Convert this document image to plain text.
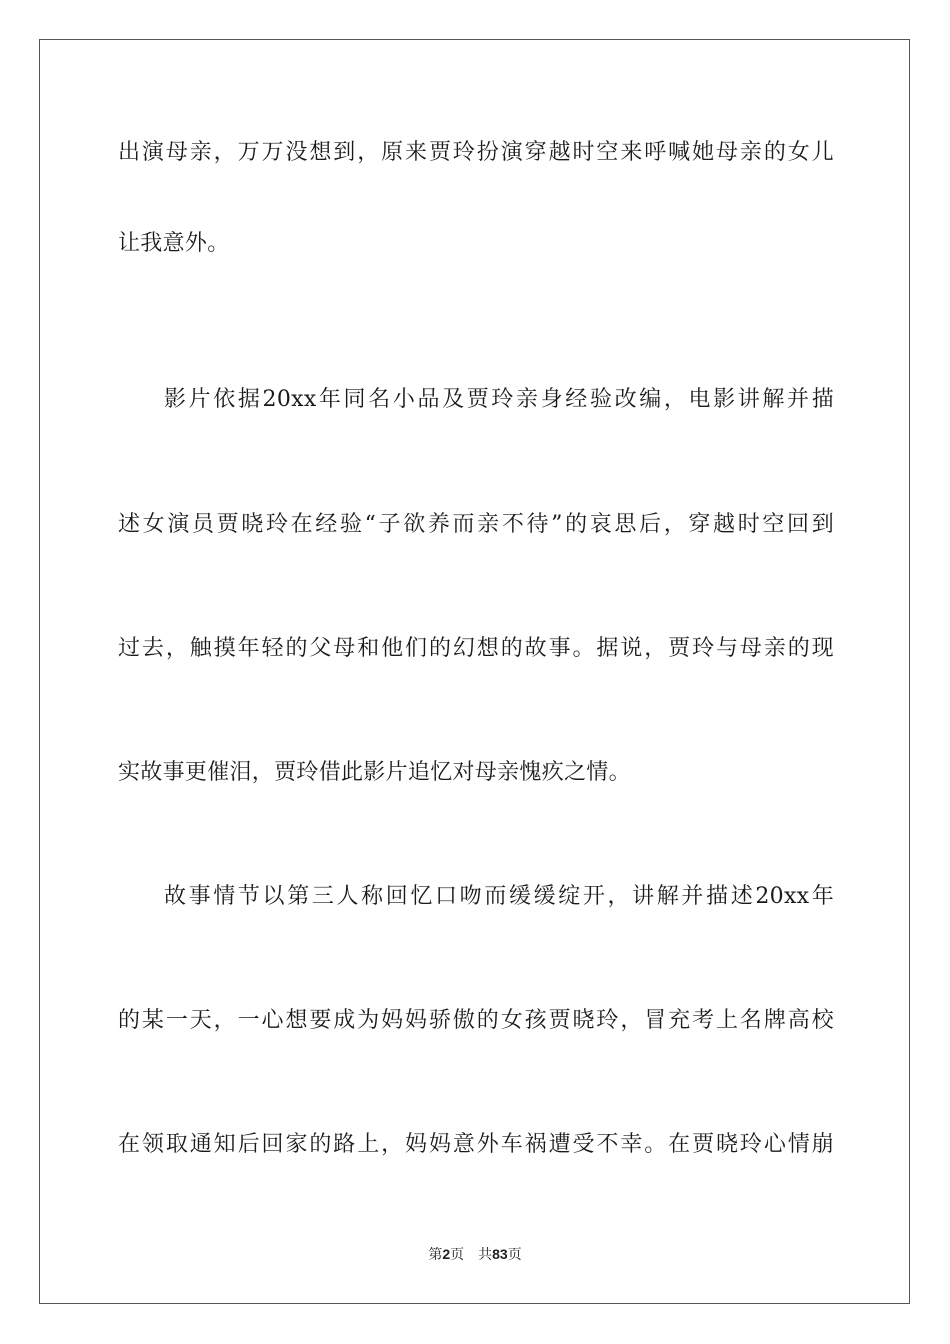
出演母亲，万万没想到，原来贾玲扮演穿越时空来呼喊她母亲的女儿
让我意外。
影片依据20xx年同名小品及贾玲亲身经验改编，电影讲解并描
述女演员贾晓玲在经验“子欲养而亲不待”的哀思后，穿越时空回到
过去，触摸年轻的父母和他们的幻想的故事。据说，贾玲与母亲的现
实故事更催泪，贾玲借此影片追忆对母亲愧疚之情。
故事情节以第三人称回忆口吻而缓缓绽开，讲解并描述20xx年
的某一天，一心想要成为妈妈骄傲的女孩贾晓玲，冒充考上名牌高校
在领取通知后回家的路上，妈妈意外车祸遭受不幸。在贾晓玲心情崩
第2页 共83页
